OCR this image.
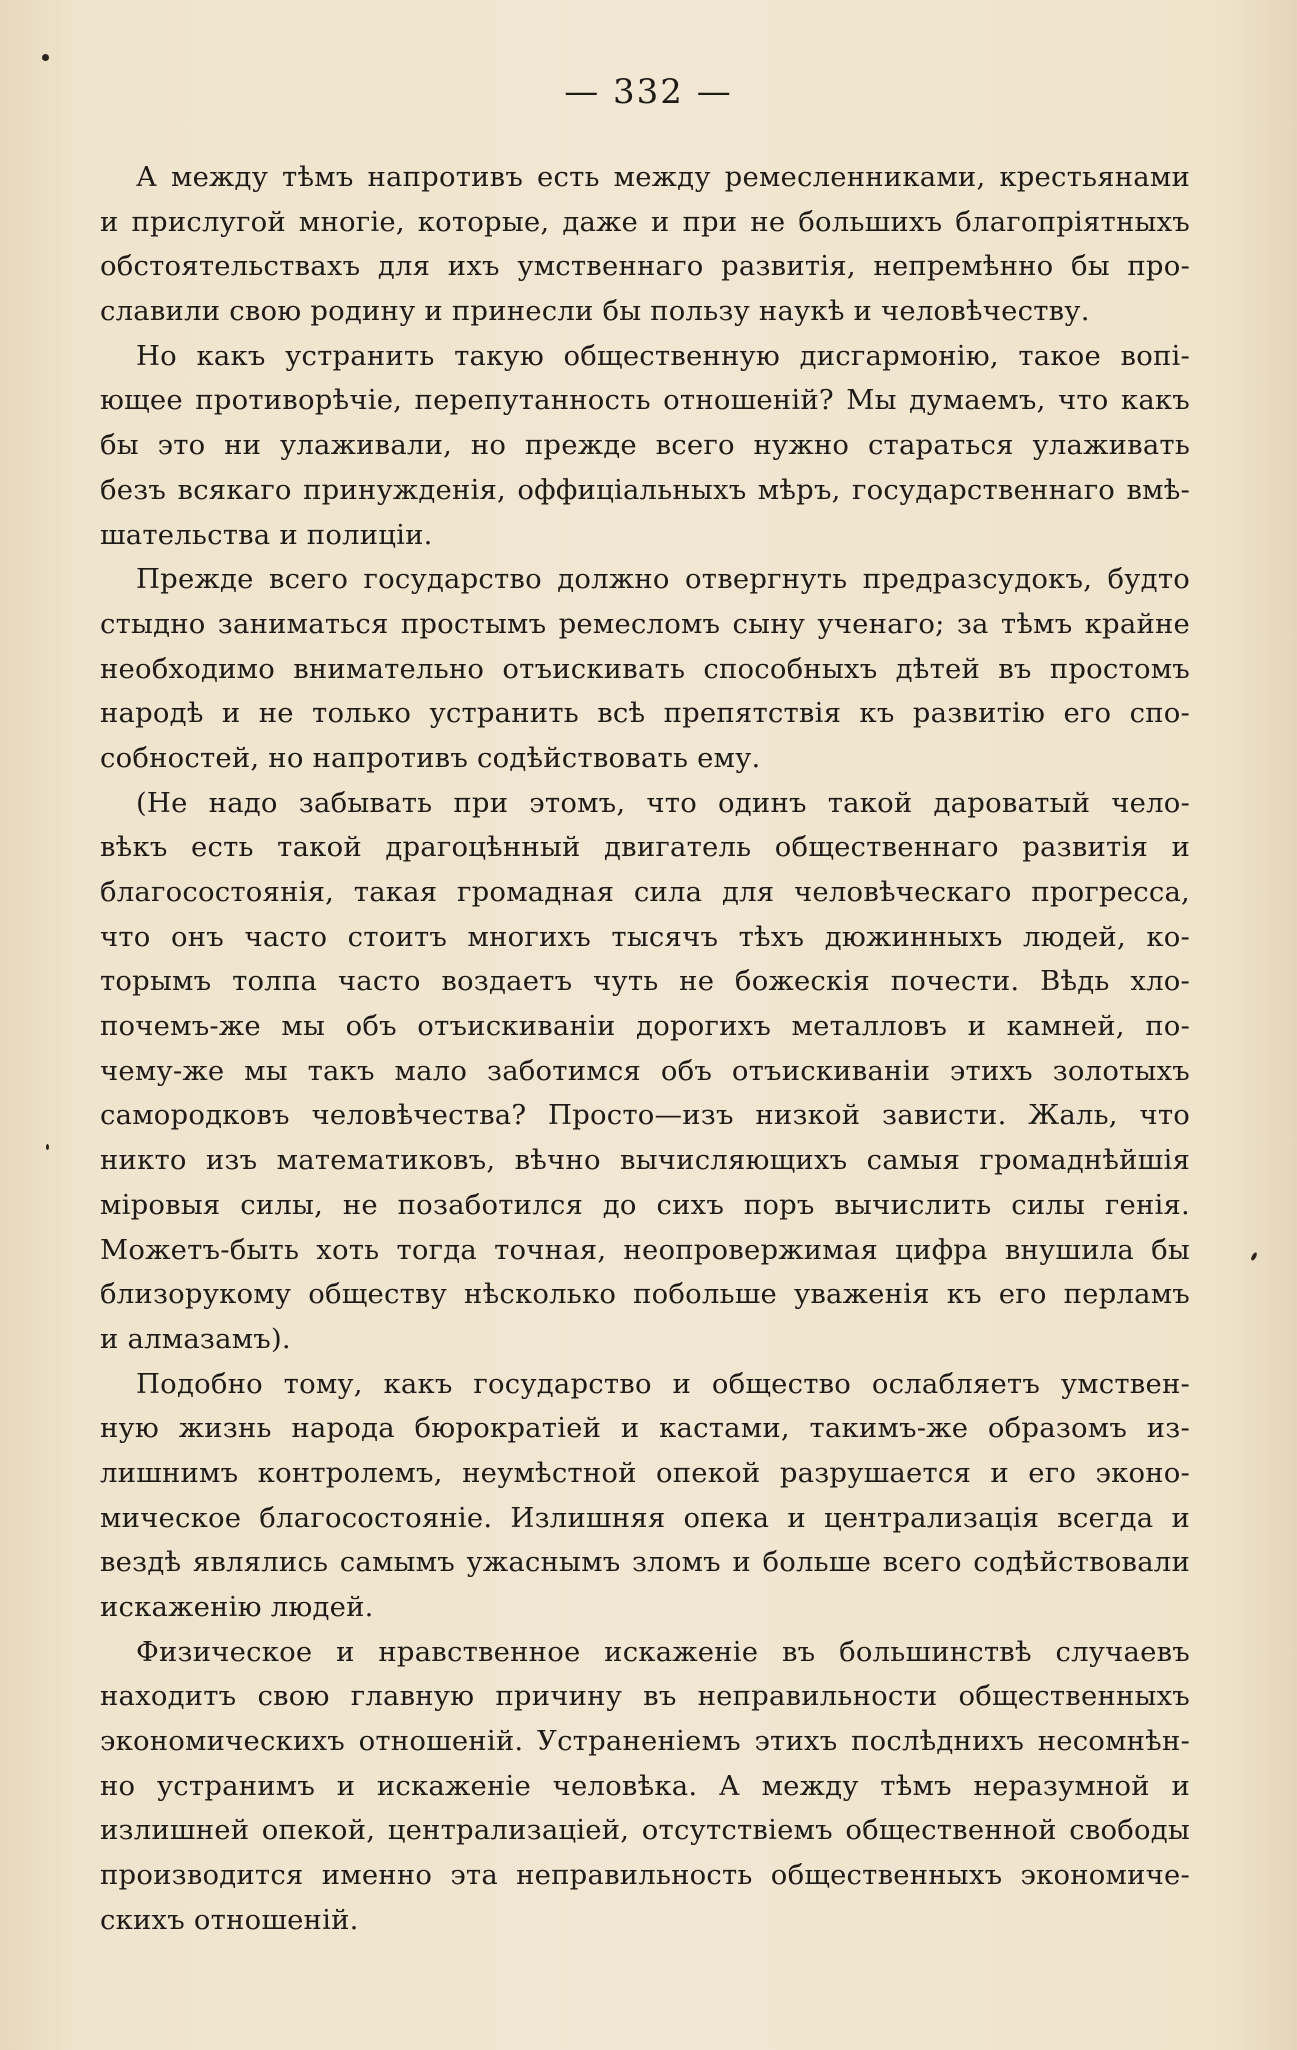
— 332 —
А между тѣмъ напротивъ есть между ремесленниками, крестьянами
и прислугой многіе, которые, даже и при не большихъ благопріятныхъ
обстоятельствахъ для ихъ умственнаго развитія, непремѣнно бы про-
славили свою родину и принесли бы пользу наукѣ и человѣчеству.
Но какъ устранить такую общественную дисгармонію, такое вопі-
ющее противорѣчіе, перепутанность отношеній? Мы думаемъ, что какъ
бы это ни улаживали, но прежде всего нужно стараться улаживать
безъ всякаго принужденія, оффиціальныхъ мѣръ, государственнаго вмѣ-
шательства и полиціи.
Прежде всего государство должно отвергнуть предразсудокъ, будто
стыдно заниматься простымъ ремесломъ сыну ученаго; за тѣмъ крайне
необходимо внимательно отъискивать способныхъ дѣтей въ простомъ
народѣ и не только устранить всѣ препятствія къ развитію его спо-
собностей, но напротивъ содѣйствовать ему.
(Не надо забывать при этомъ, что одинъ такой дароватый чело-
вѣкъ есть такой драгоцѣнный двигатель общественнаго развитія и
благосостоянія, такая громадная сила для человѣческаго прогресса,
что онъ часто стоитъ многихъ тысячъ тѣхъ дюжинныхъ людей, ко-
торымъ толпа часто воздаетъ чуть не божескія почести. Вѣдь хло-
почемъ-же мы объ отъискиваніи дорогихъ металловъ и камней, по-
чему-же мы такъ мало заботимся объ отъискиваніи этихъ золотыхъ
самородковъ человѣчества? Просто—изъ низкой зависти. Жаль, что
никто изъ математиковъ, вѣчно вычисляющихъ самыя громаднѣйшія
міровыя силы, не позаботился до сихъ поръ вычислить силы генія.
Можетъ-быть хоть тогда точная, неопровержимая цифра внушила бы
близорукому обществу нѣсколько побольше уваженія къ его перламъ
и алмазамъ).
Подобно тому, какъ государство и общество ослабляетъ умствен-
ную жизнь народа бюрократіей и кастами, такимъ-же образомъ из-
лишнимъ контролемъ, неумѣстной опекой разрушается и его эконо-
мическое благосостояніе. Излишняя опека и централизація всегда и
вездѣ являлись самымъ ужаснымъ зломъ и больше всего содѣйствовали
искаженію людей.
Физическое и нравственное искаженіе въ большинствѣ случаевъ
находитъ свою главную причину въ неправильности общественныхъ
экономическихъ отношеній. Устраненіемъ этихъ послѣднихъ несомнѣн-
но устранимъ и искаженіе человѣка. А между тѣмъ неразумной и
излишней опекой, централизаціей, отсутствіемъ общественной свободы
производится именно эта неправильность общественныхъ экономиче-
скихъ отношеній.
